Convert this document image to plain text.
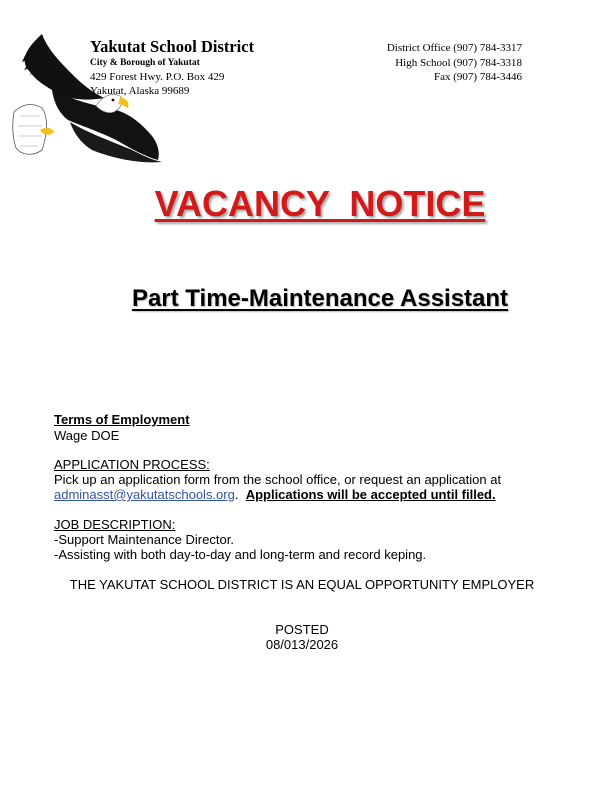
Yakutat School District
City & Borough of Yakutat
429 Forest Hwy. P.O. Box 429
Yakutat, Alaska 99689
District Office (907) 784-3317
High School (907) 784-3318
Fax (907) 784-3446
VACANCY  NOTICE
Part Time-Maintenance Assistant
Terms of Employment
Wage DOE
APPLICATION PROCESS:
Pick up an application form from the school office, or request an application at
adminasst@yakutatschools.org.  Applications will be accepted until filled.
JOB DESCRIPTION:
-Support Maintenance Director.
-Assisting with both day-to-day and long-term and record keping.
THE YAKUTAT SCHOOL DISTRICT IS AN EQUAL OPPORTUNITY EMPLOYER
POSTED
08/013/2026
